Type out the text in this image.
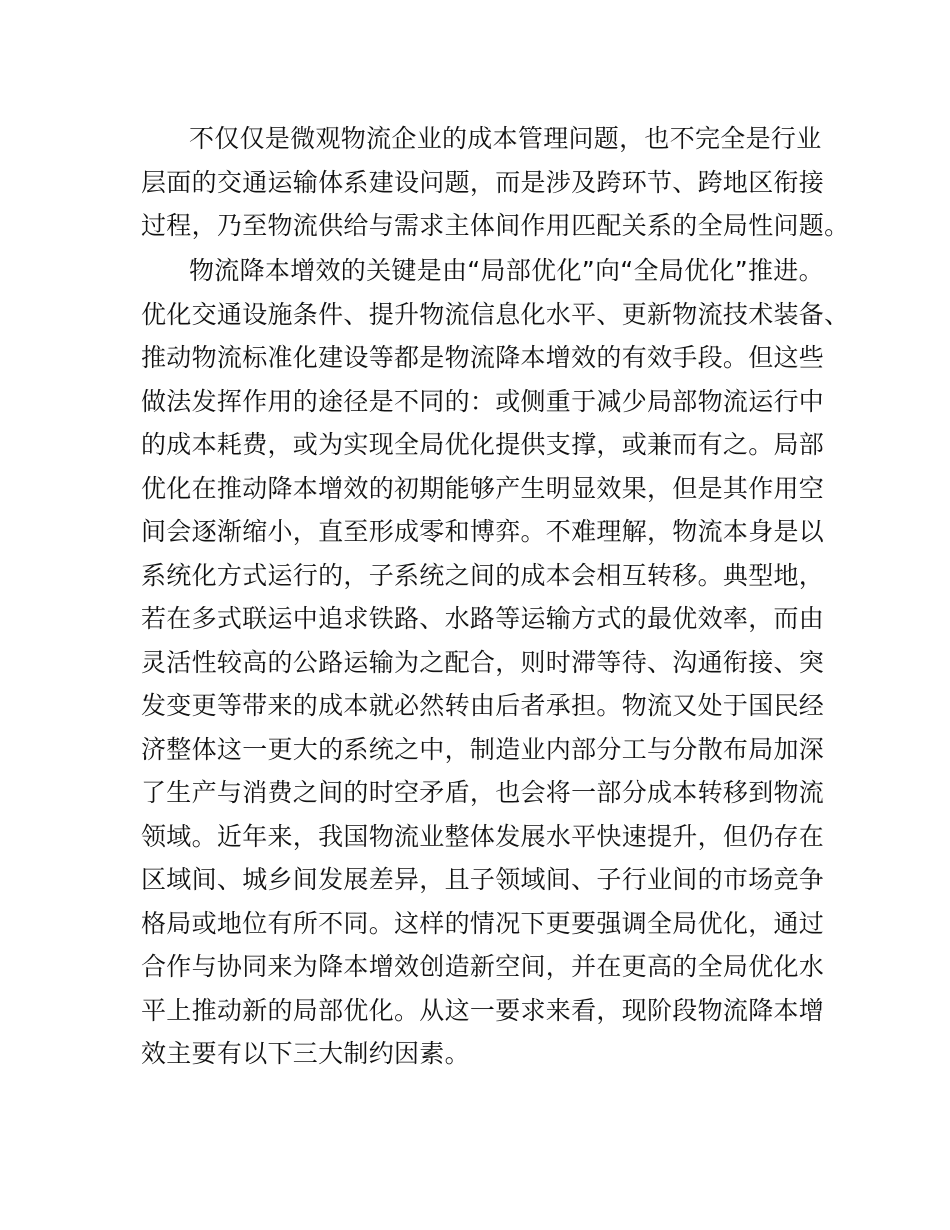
不仅仅是微观物流企业的成本管理问题，也不完全是行业
层面的交通运输体系建设问题，而是涉及跨环节、跨地区衔接
过程，乃至物流供给与需求主体间作用匹配关系的全局性问题。
物流降本增效的关键是由“局部优化”向“全局优化”推进。
优化交通设施条件、提升物流信息化水平、更新物流技术装备、
推动物流标准化建设等都是物流降本增效的有效手段。但这些
做法发挥作用的途径是不同的：或侧重于减少局部物流运行中
的成本耗费，或为实现全局优化提供支撑，或兼而有之。局部
优化在推动降本增效的初期能够产生明显效果，但是其作用空
间会逐渐缩小，直至形成零和博弈。不难理解，物流本身是以
系统化方式运行的，子系统之间的成本会相互转移。典型地，
若在多式联运中追求铁路、水路等运输方式的最优效率，而由
灵活性较高的公路运输为之配合，则时滞等待、沟通衔接、突
发变更等带来的成本就必然转由后者承担。物流又处于国民经
济整体这一更大的系统之中，制造业内部分工与分散布局加深
了生产与消费之间的时空矛盾，也会将一部分成本转移到物流
领域。近年来，我国物流业整体发展水平快速提升，但仍存在
区域间、城乡间发展差异，且子领域间、子行业间的市场竞争
格局或地位有所不同。这样的情况下更要强调全局优化，通过
合作与协同来为降本增效创造新空间，并在更高的全局优化水
平上推动新的局部优化。从这一要求来看，现阶段物流降本增
效主要有以下三大制约因素。
